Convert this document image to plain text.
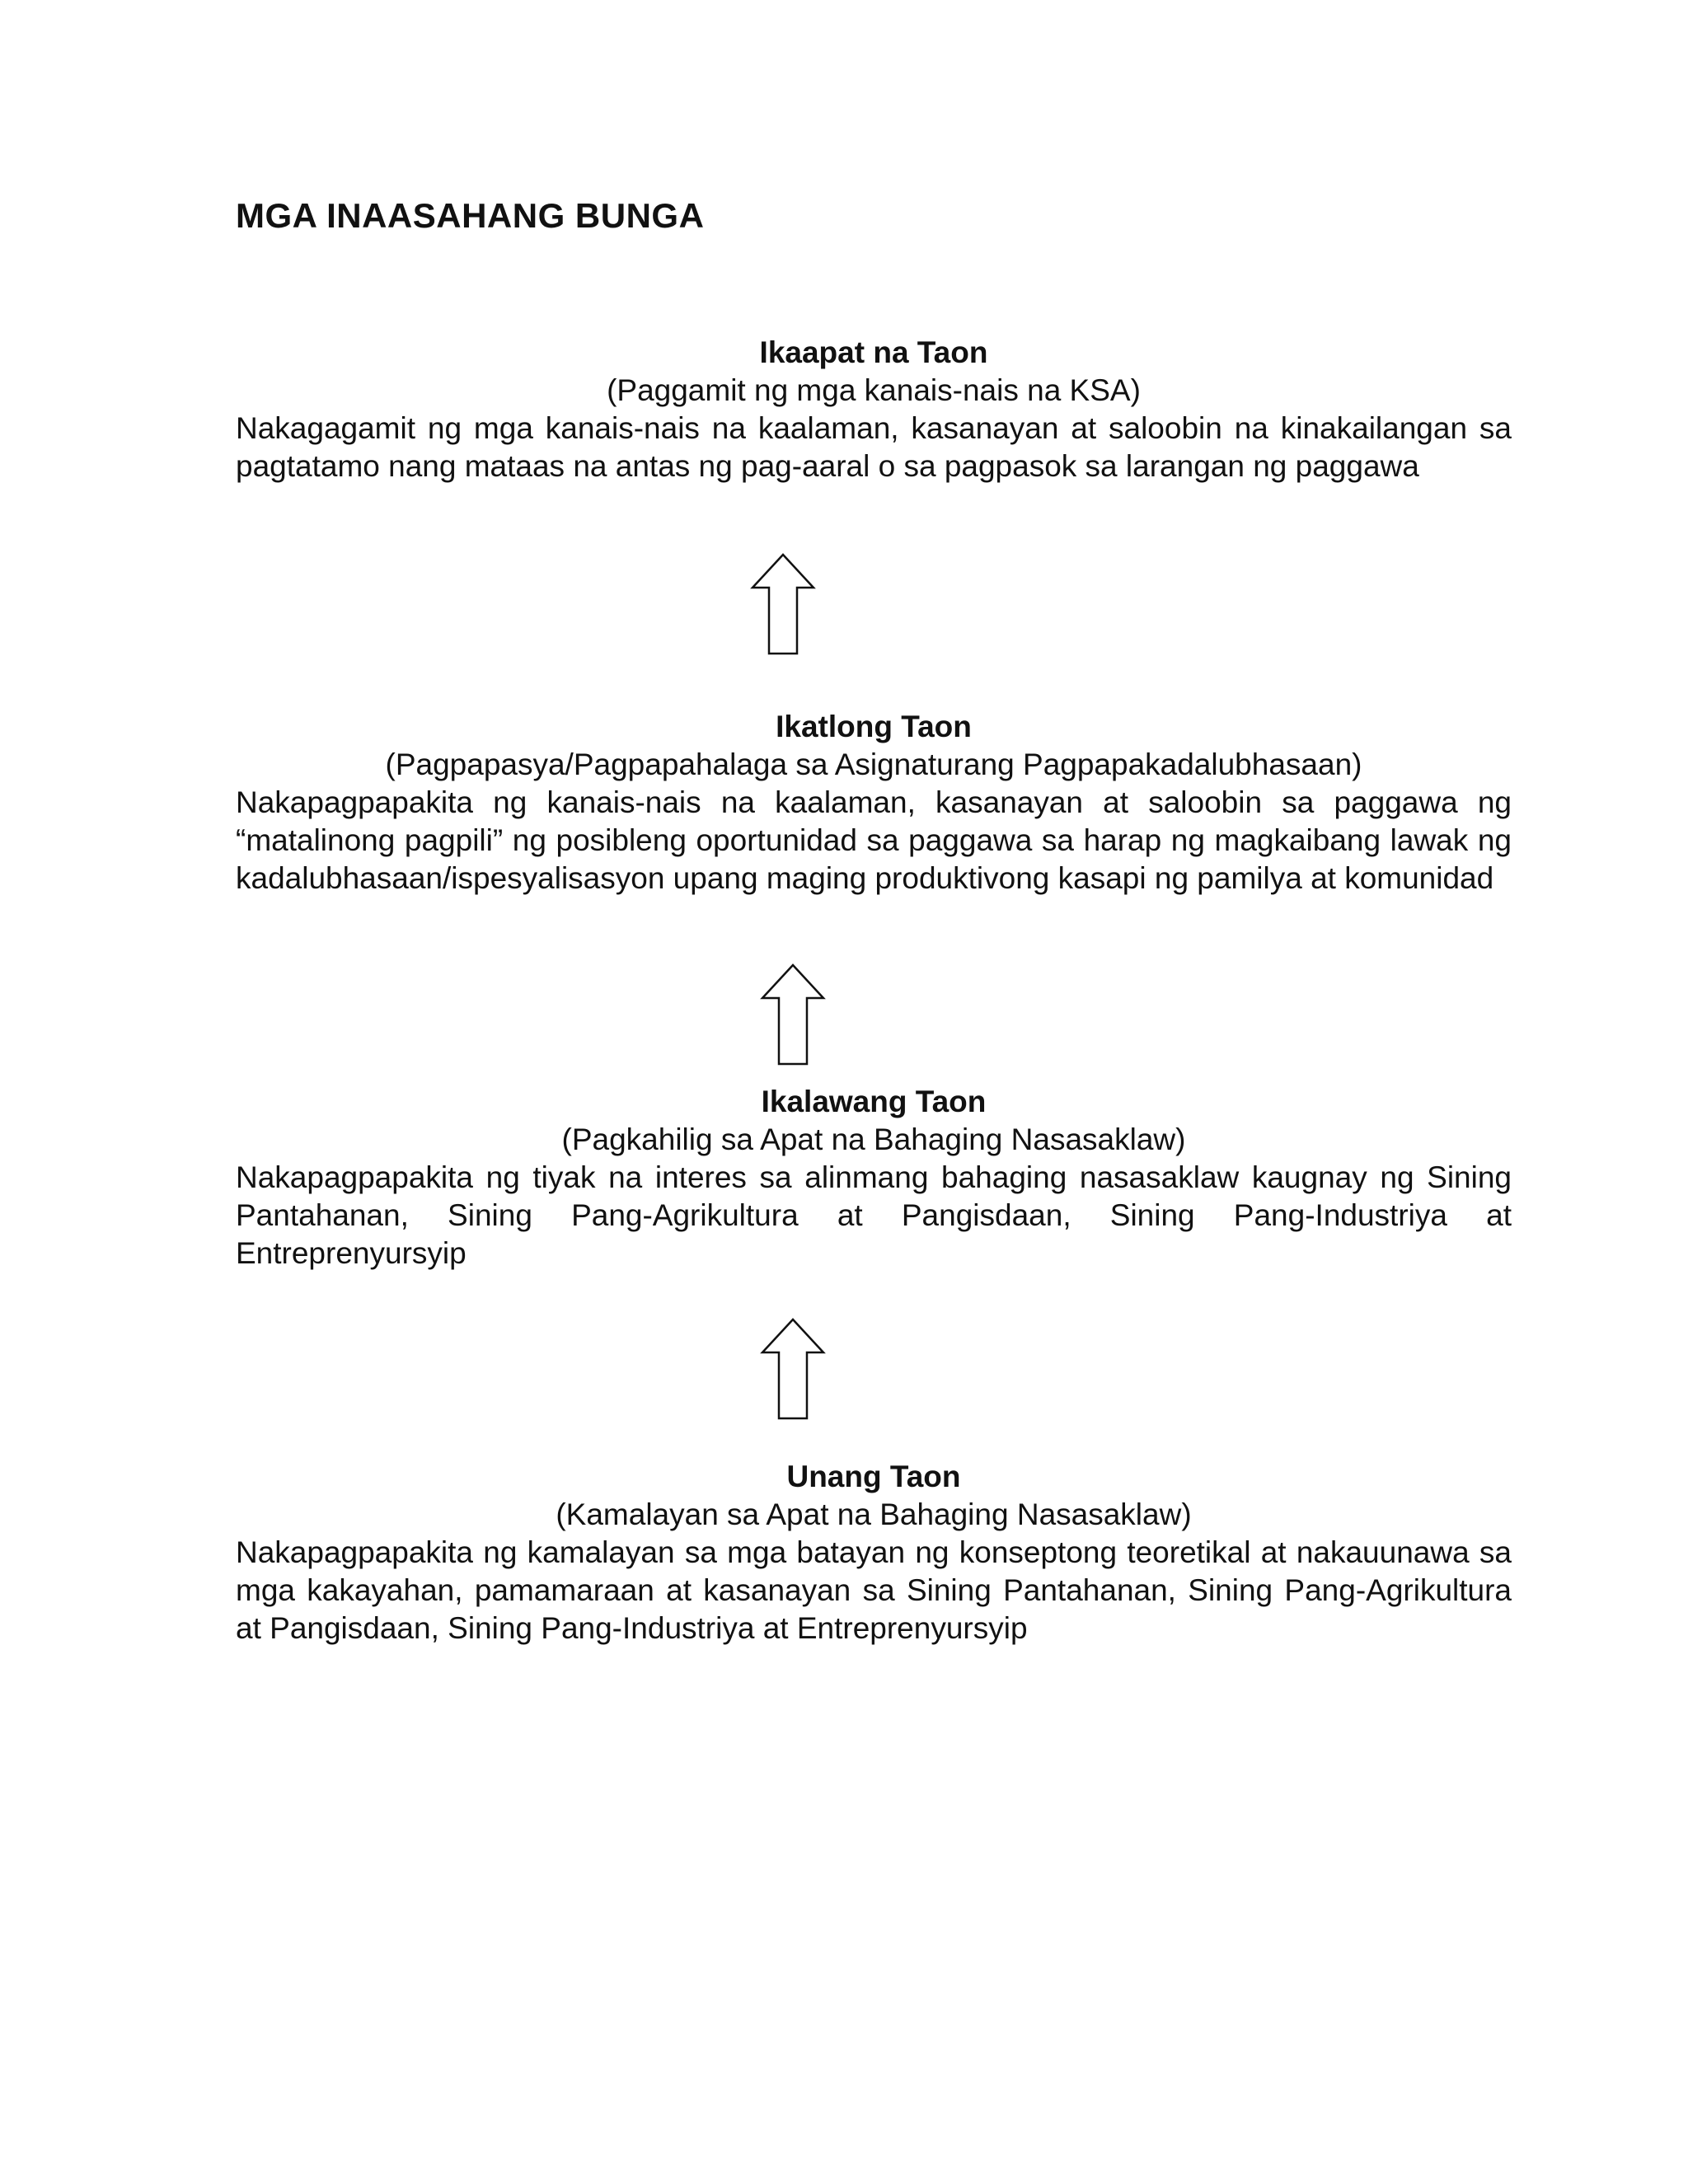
MGA INAASAHANG BUNGA

Ikaapat na Taon

(Paggamit ng mga kanais-nais na KSA)

Nakagagamit ng mga kanais-nais na kaalaman, kasanayan at saloobin na kinakailangan sa pagtatamo nang mataas na antas ng pag-aaral o sa pagpasok sa larangan ng paggawa

Ikatlong Taon

(Pagpapasya/Pagpapahalaga sa Asignaturang Pagpapakadalubhasaan)

Nakapagpapakita ng kanais-nais na kaalaman, kasanayan at saloobin sa paggawa ng “matalinong pagpili” ng posibleng oportunidad sa paggawa sa harap ng magkaibang lawak ng kadalubhasaan/ispesyalisasyon upang maging produktivong kasapi ng pamilya at komunidad

Ikalawang Taon

(Pagkahilig sa Apat na Bahaging Nasasaklaw)

Nakapagpapakita ng tiyak na interes sa alinmang bahaging nasasaklaw kaugnay ng Sining Pantahanan, Sining Pang-Agrikultura at Pangisdaan, Sining Pang-Industriya at Entreprenyursyip

Unang Taon

(Kamalayan sa Apat na Bahaging Nasasaklaw)

Nakapagpapakita ng kamalayan sa mga batayan ng konseptong teoretikal at nakauunawa sa mga kakayahan, pamamaraan at kasanayan sa Sining Pantahanan, Sining Pang-Agrikultura at Pangisdaan, Sining Pang-Industriya at Entreprenyursyip
